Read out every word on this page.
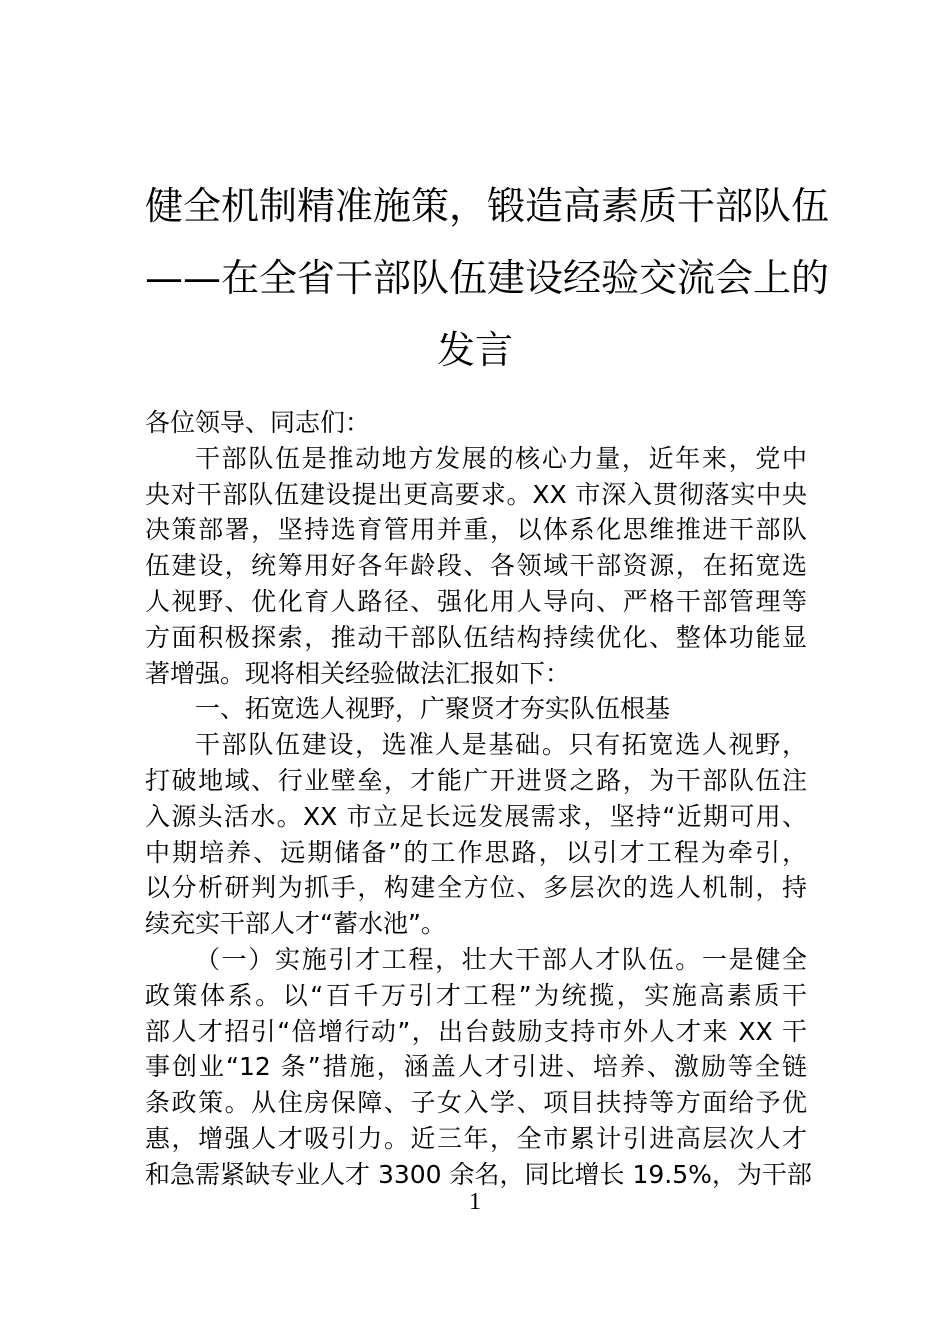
健全机制精准施策，锻造高素质干部队伍
——在全省干部队伍建设经验交流会上的
发言
各位领导、同志们：
干部队伍是推动地方发展的核心力量，近年来，党中
央对干部队伍建设提出更高要求。XX 市深入贯彻落实中央
决策部署，坚持选育管用并重，以体系化思维推进干部队
伍建设，统筹用好各年龄段、各领域干部资源，在拓宽选
人视野、优化育人路径、强化用人导向、严格干部管理等
方面积极探索，推动干部队伍结构持续优化、整体功能显
著增强。现将相关经验做法汇报如下：
一、拓宽选人视野，广聚贤才夯实队伍根基
干部队伍建设，选准人是基础。只有拓宽选人视野，
打破地域、行业壁垒，才能广开进贤之路，为干部队伍注
入源头活水。XX 市立足长远发展需求，坚持“近期可用、
中期培养、远期储备”的工作思路，以引才工程为牵引，
以分析研判为抓手，构建全方位、多层次的选人机制，持
续充实干部人才“蓄水池”。
（一）实施引才工程，壮大干部人才队伍。一是健全
政策体系。以“百千万引才工程”为统揽，实施高素质干
部人才招引“倍增行动”，出台鼓励支持市外人才来 XX 干
事创业“12 条”措施，涵盖人才引进、培养、激励等全链
条政策。从住房保障、子女入学、项目扶持等方面给予优
惠，增强人才吸引力。近三年，全市累计引进高层次人才
和急需紧缺专业人才 3300 余名，同比增长 19.5%，为干部
1
